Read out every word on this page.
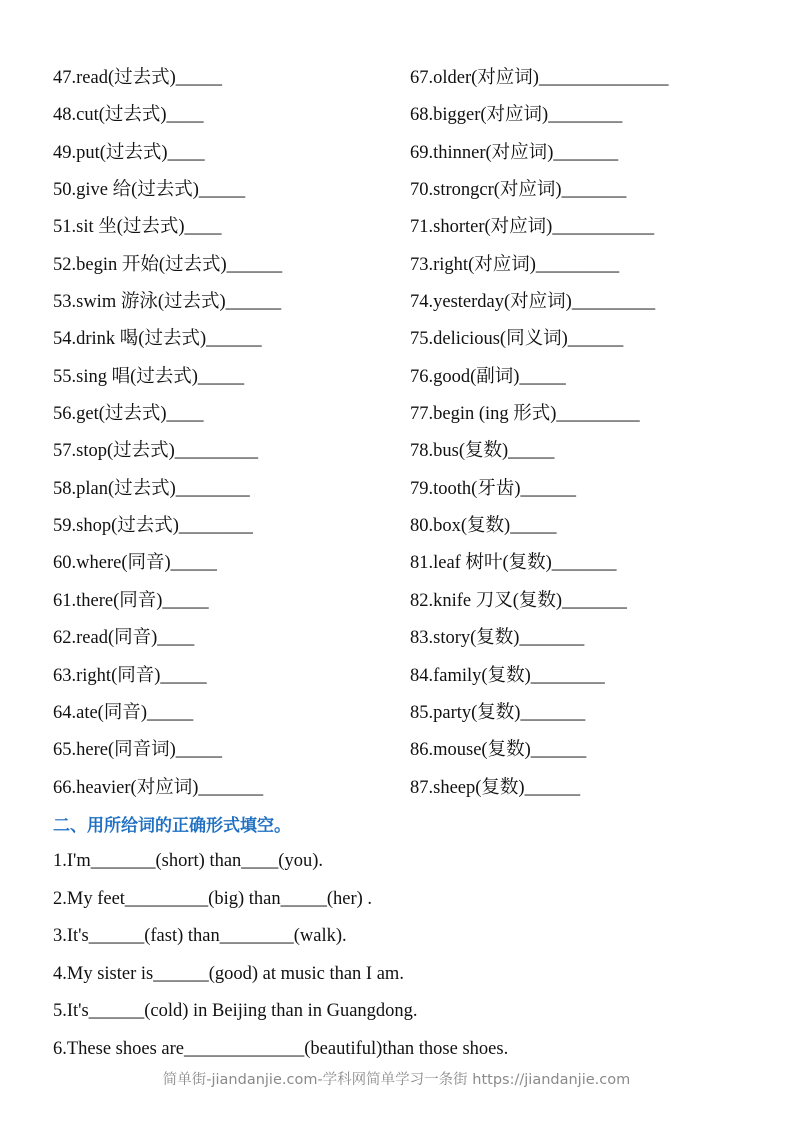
47.read(过去式)_____
48.cut(过去式)____
49.put(过去式)____
50.give 给(过去式)_____
51.sit 坐(过去式)____
52.begin 开始(过去式)______
53.swim 游泳(过去式)______
54.drink 喝(过去式)______
55.sing 唱(过去式)_____
56.get(过去式)____
57.stop(过去式)_________
58.plan(过去式)________
59.shop(过去式)________
60.where(同音)_____
61.there(同音)_____
62.read(同音)____
63.right(同音)_____
64.ate(同音)_____
65.here(同音词)_____
66.heavier(对应词)_______
67.older(对应词)______________
68.bigger(对应词)________
69.thinner(对应词)_______
70.strongcr(对应词)_______
71.shorter(对应词)___________
73.right(对应词)_________
74.yesterday(对应词)_________
75.delicious(同义词)______
76.good(副词)_____
77.begin (ing 形式)_________
78.bus(复数)_____
79.tooth(牙齿)______
80.box(复数)_____
81.leaf 树叶(复数)_______
82.knife 刀叉(复数)_______
83.story(复数)_______
84.family(复数)________
85.party(复数)_______
86.mouse(复数)______
87.sheep(复数)______
二、用所给词的正确形式填空。
1.I'm_______(short) than____(you).
2.My feet_________(big) than_____(her) .
3.It's______(fast) than________(walk).
4.My sister is______(good) at music than I am.
5.It's______(cold) in Beijing than in Guangdong.
6.These shoes are_____________(beautiful)than those shoes.
简单街-jiandanjie.com-学科网简单学习一条街 https://jiandanjie.com
